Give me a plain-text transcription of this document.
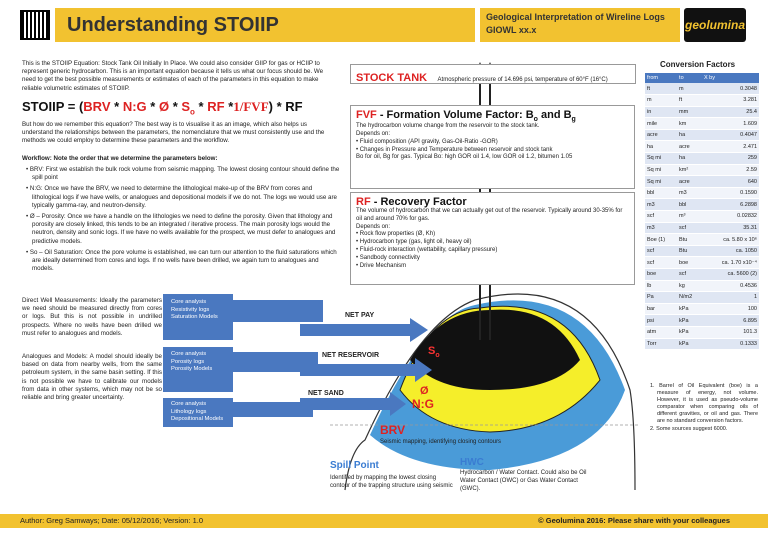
Understanding STOIIP	Geological Interpretation of Wireline Logs
GIOWL xx.x	geolumina
This is the STOIIP Equation: Stock Tank Oil Initially In Place. We could also consider GIIP for gas or HCIIP to represent generic hydrocarbon. This is an important equation because it tells us what our focus should be. We need to get the best possible measurements or estimates of each of the parameters in this equation to make reliable volumetric estimates of STOIIP.
STOIIP = (BRV * N:G * Ø * $S_o$ * RF *1/FVF) * RF
But how do we remember this equation? The best way is to visualise it as an image, which also helps us understand the relationships between the parameters, the nomenclature that we must consistently use and the methods we could employ to determine these parameters and the workflow.
Workflow: Note the order that we determine the parameters below:
• BRV: First we establish the bulk rock volume from seismic mapping. The lowest closing contour should define the spill point
• N:G: Once we have the BRV, we need to determine the lithological make-up of the BRV from cores and lithological logs if we have wells, or analogues and depositional models if we do not. The logs we would use are typically gamma-ray, and neutron-density.
• Ø – Porosity: Once we have a handle on the lithologies we need to define the porosity. Given that lithology and porosity are closely linked, this tends to be an integrated / iterative process. The main porosity logs would the neutron, density and sonic logs. If we have no wells available for the prospect, we must defer to analogues and predictive models.
• So – Oil Saturation: Once the pore volume is established, we can turn our attention to the fluid saturations which are ideally determined from cores and logs. If no wells have been drilled, we again turn to analogues and models.
Direct Well Measurements: Ideally the parameters we need should be measured directly from cores or logs. But this is not possible in undrilled prospects. Where no wells have been drilled we must refer to analogues and models.
Analogues and Models: A model should ideally be based on data from nearby wells, from the same petroleum system, in the same basin setting. If this is not possible we have to calibrate our models from data in other systems, which may not be so reliable and bring greater uncertainty.
Core analysis
Resistivity logs
Saturation Models
Core analysis
Porosity logs
Porosity Models
Core analysis
Lithology logs
Depositional Models
NET PAY
NET RESERVOIR
NET SAND
$S_o$
Ø
N:G
BRV
Seismic mapping, identifying closing contours
Spill Point
Identified by mapping the lowest closing contour of the trapping structure using seismic
HWC
Hydrocarbon / Water Contact. Could also be Oil Water Contact (OWC) or Gas Water Contact (GWC).
STOCK TANK Atmospheric pressure of 14.696 psi, temperature of 60°F (16°C)
FVF - Formation Volume Factor: $B_o$ and $B_g$
The hydrocarbon volume change from the reservoir to the stock tank.
Depends on:
• Fluid composition (API gravity, Gas-Oil-Ratio -GOR)
• Changes in Pressure and Temperature between reservoir and stock tank
Bo for oil, Bg for gas. Typical Bo: high GOR oil 1.4, low GOR oil 1.2, bitumen 1.05
RF - Recovery Factor
The volume of hydrocarbon that we can actually get out of the reservoir. Typically around 30-35% for oil and around 70% for gas.
Depends on:
• Rock flow properties (Ø, Kh)
• Hydrocarbon type (gas, light oil, heavy oil)
• Fluid-rock interaction (wettability, capillary pressure)
• Sandbody connectivity
• Drive Mechanism
Conversion Factors
from	to	X by
ft	m	0.3048
m	ft	3.281
in	mm	25.4
mile	km	1.609
acre	ha	0.4047
ha	acre	2.471
Sq mi	ha	259
Sq mi	km²	2.59
Sq mi	acre	640
bbl	m3	0.1590
m3	bbl	6.2898
scf	m³	0.02832
m3	scf	35.31
Boe (1)	Btu	ca. 5.80 x 10⁶
scf	Btu	ca. 1050
scf	boe	ca. 1.70 x10⁻⁴
boe	scf	ca. 5600 (2)
lb	kg	0.4536
Pa	N/m2	1
bar	kPa	100
psi	kPa	6.895
atm	kPa	101.3
Torr	kPa	0.1333
1. Barrel of Oil Equivalent (boe) is a measure of energy, not volume. However, it is used as pseudo-volume comparator when comparing oils of different gravities, or oil and gas. There are no standard conversion factors.
2. Some sources suggest 6000.
Author: Greg Samways; Date: 05/12/2016; Version: 1.0	© Geolumina 2016: Please share with your colleagues
